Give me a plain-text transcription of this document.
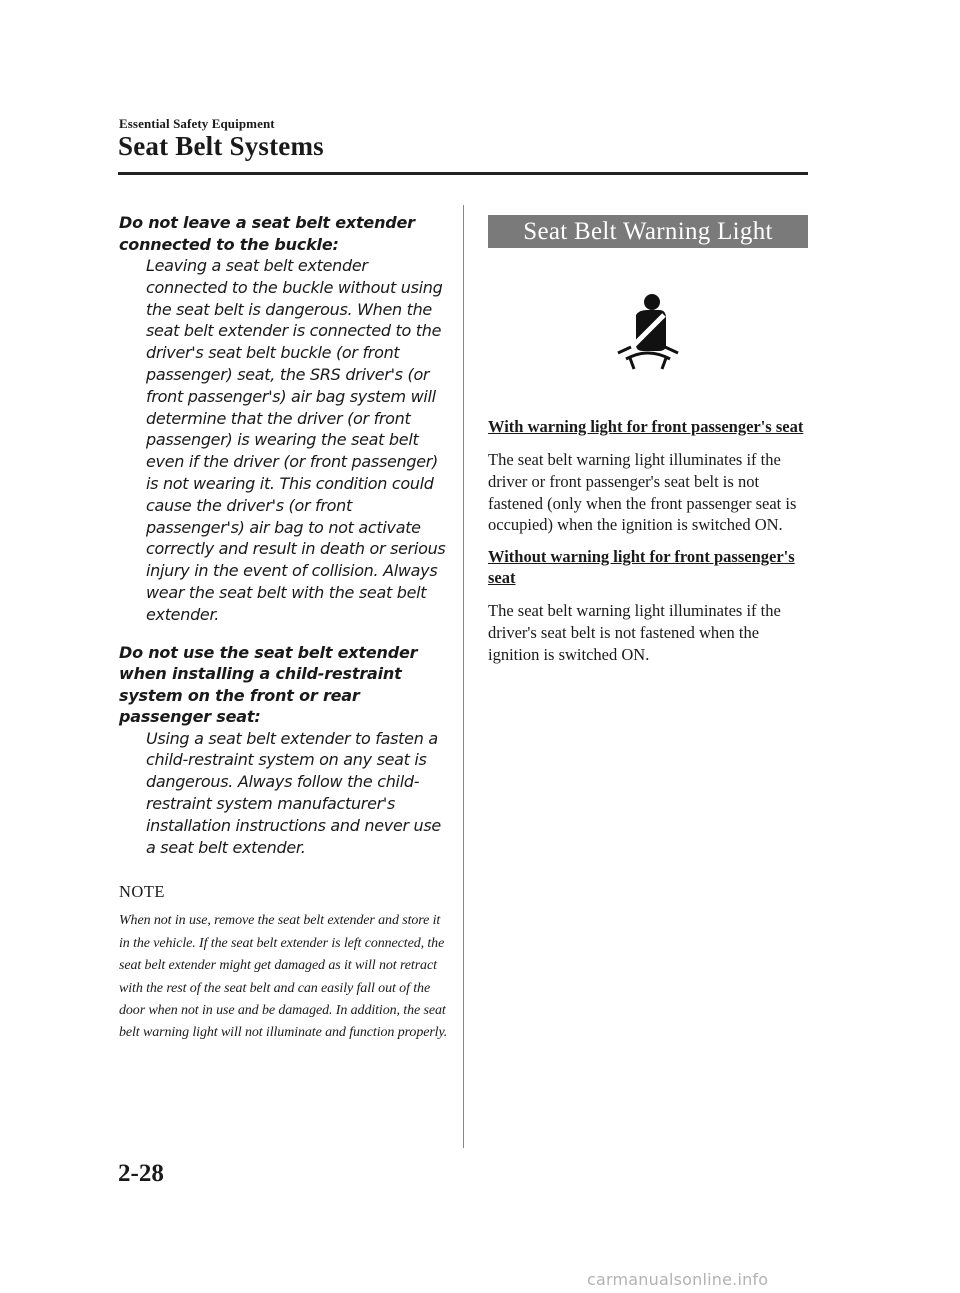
Essential Safety Equipment
Seat Belt Systems

Do not leave a seat belt extender connected to the buckle:

Leaving a seat belt extender connected to the buckle without using the seat belt is dangerous. When the seat belt extender is connected to the driver's seat belt buckle (or front passenger) seat, the SRS driver's (or front passenger's) air bag system will determine that the driver (or front passenger) is wearing the seat belt even if the driver (or front passenger) is not wearing it. This condition could cause the driver's (or front passenger's) air bag to not activate correctly and result in death or serious injury in the event of collision. Always wear the seat belt with the seat belt extender.

Do not use the seat belt extender when installing a child-restraint system on the front or rear passenger seat:

Using a seat belt extender to fasten a child-restraint system on any seat is dangerous. Always follow the child-restraint system manufacturer's installation instructions and never use a seat belt extender.

NOTE
When not in use, remove the seat belt extender and store it in the vehicle. If the seat belt extender is left connected, the seat belt extender might get damaged as it will not retract with the rest of the seat belt and can easily fall out of the door when not in use and be damaged. In addition, the seat belt warning light will not illuminate and function properly.
Seat Belt Warning Light

With warning light for front passenger's seat

The seat belt warning light illuminates if the driver or front passenger's seat belt is not fastened (only when the front passenger seat is occupied) when the ignition is switched ON.

Without warning light for front passenger's seat

The seat belt warning light illuminates if the driver's seat belt is not fastened when the ignition is switched ON.

2-28
carmanualsonline.info
